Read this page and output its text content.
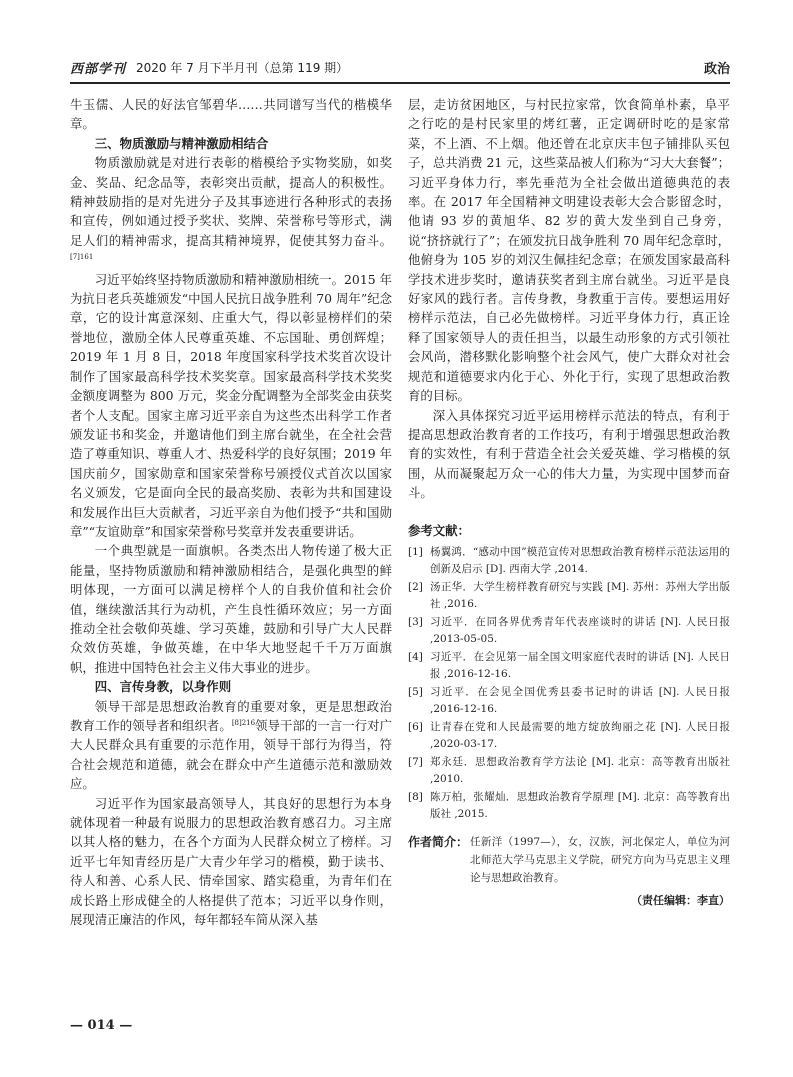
西部学刊 2020 年 7 月下半月刊（总第 119 期）	政治

牛玉儒、人民的好法官邹碧华……共同谱写当代的楷模华章。

三、物质激励与精神激励相结合

物质激励就是对进行表彰的楷模给予实物奖励，如奖金、奖品、纪念品等，表彰突出贡献，提高人的积极性。精神鼓励指的是对先进分子及其事迹进行各种形式的表扬和宣传，例如通过授予奖状、奖牌、荣誉称号等形式，满足人们的精神需求，提高其精神境界，促使其努力奋斗。$^{[7]161}$

习近平始终坚持物质激励和精神激励相统一。2015 年为抗日老兵英雄颁发“中国人民抗日战争胜利 70 周年”纪念章，它的设计寓意深刻、庄重大气，得以彰显榜样们的荣誉地位，激励全体人民尊重英雄、不忘国耻、勇创辉煌；2019 年 1 月 8 日，2018 年度国家科学技术奖首次设计制作了国家最高科学技术奖奖章。国家最高科学技术奖奖金额度调整为 800 万元，奖金分配调整为全部奖金由获奖者个人支配。国家主席习近平亲自为这些杰出科学工作者颁发证书和奖金，并邀请他们到主席台就坐，在全社会营造了尊重知识、尊重人才、热爱科学的良好氛围；2019 年国庆前夕，国家勋章和国家荣誉称号颁授仪式首次以国家名义颁发，它是面向全民的最高奖励、表彰为共和国建设和发展作出巨大贡献者，习近平亲自为他们授予“共和国勋章”“友谊勋章”和国家荣誉称号奖章并发表重要讲话。

一个典型就是一面旗帜。各类杰出人物传递了极大正能量，坚持物质激励和精神激励相结合，是强化典型的鲜明体现，一方面可以满足榜样个人的自我价值和社会价值，继续激活其行为动机，产生良性循环效应；另一方面推动全社会敬仰英雄、学习英雄，鼓励和引导广大人民群众效仿英雄，争做英雄，在中华大地竖起千千万万面旗帜，推进中国特色社会主义伟大事业的进步。

四、言传身教，以身作则

领导干部是思想政治教育的重要对象，更是思想政治教育工作的领导者和组织者。$^{[8]216}$领导干部的一言一行对广大人民群众具有重要的示范作用，领导干部行为得当，符合社会规范和道德，就会在群众中产生道德示范和激励效应。

习近平作为国家最高领导人，其良好的思想行为本身就体现着一种最有说服力的思想政治教育感召力。习主席以其人格的魅力，在各个方面为人民群众树立了榜样。习近平七年知青经历是广大青少年学习的楷模，勤于读书、待人和善、心系人民、情牵国家、踏实稳重，为青年们在成长路上形成健全的人格提供了范本；习近平以身作则，展现清正廉洁的作风，每年都轻车简从深入基

层，走访贫困地区，与村民拉家常，饮食简单朴素，阜平之行吃的是村民家里的烤红薯，正定调研时吃的是家常菜，不上酒、不上烟。他还曾在北京庆丰包子铺排队买包子，总共消费 21 元，这些菜品被人们称为“习大大套餐”；习近平身体力行，率先垂范为全社会做出道德典范的表率。在 2017 年全国精神文明建设表彰大会合影留念时，他请 93 岁的黄旭华、82 岁的黄大发坐到自己身旁，说“挤挤就行了”；在颁发抗日战争胜利 70 周年纪念章时，他俯身为 105 岁的刘汉生佩挂纪念章；在颁发国家最高科学技术进步奖时，邀请获奖者到主席台就坐。习近平是良好家风的践行者。言传身教，身教重于言传。要想运用好榜样示范法，自己必先做榜样。习近平身体力行，真正诠释了国家领导人的责任担当，以最生动形象的方式引领社会风尚，潜移默化影响整个社会风气，使广大群众对社会规范和道德要求内化于心、外化于行，实现了思想政治教育的目标。

深入具体探究习近平运用榜样示范法的特点，有利于提高思想政治教育者的工作技巧，有利于增强思想政治教育的实效性，有利于营造全社会关爱英雄、学习楷模的氛围，从而凝聚起万众一心的伟大力量，为实现中国梦而奋斗。

参考文献：
[1] 杨翼鸿．“感动中国”模范宣传对思想政治教育榜样示范法运用的创新及启示 [D]. 西南大学 ,2014.
[2] 汤正华．大学生榜样教育研究与实践 [M]. 苏州：苏州大学出版社 ,2016.
[3] 习近平．在同各界优秀青年代表座谈时的讲话 [N]. 人民日报 ,2013-05-05.
[4] 习近平．在会见第一届全国文明家庭代表时的讲话 [N]. 人民日报 ,2016-12-16.
[5] 习近平．在会见全国优秀县委书记时的讲话 [N]. 人民日报 ,2016-12-16.
[6] 让青春在党和人民最需要的地方绽放绚丽之花 [N]. 人民日报 ,2020-03-17.
[7] 郑永廷．思想政治教育学方法论 [M]. 北京：高等教育出版社 ,2010.
[8] 陈万柏，张耀灿．思想政治教育学原理 [M]. 北京：高等教育出版社 ,2015.
作者简介： 任新洋（1997—），女，汉族，河北保定人，单位为河北师范大学马克思主义学院，研究方向为马克思主义理论与思想政治教育。
（责任编辑：李直）
— 014 —
